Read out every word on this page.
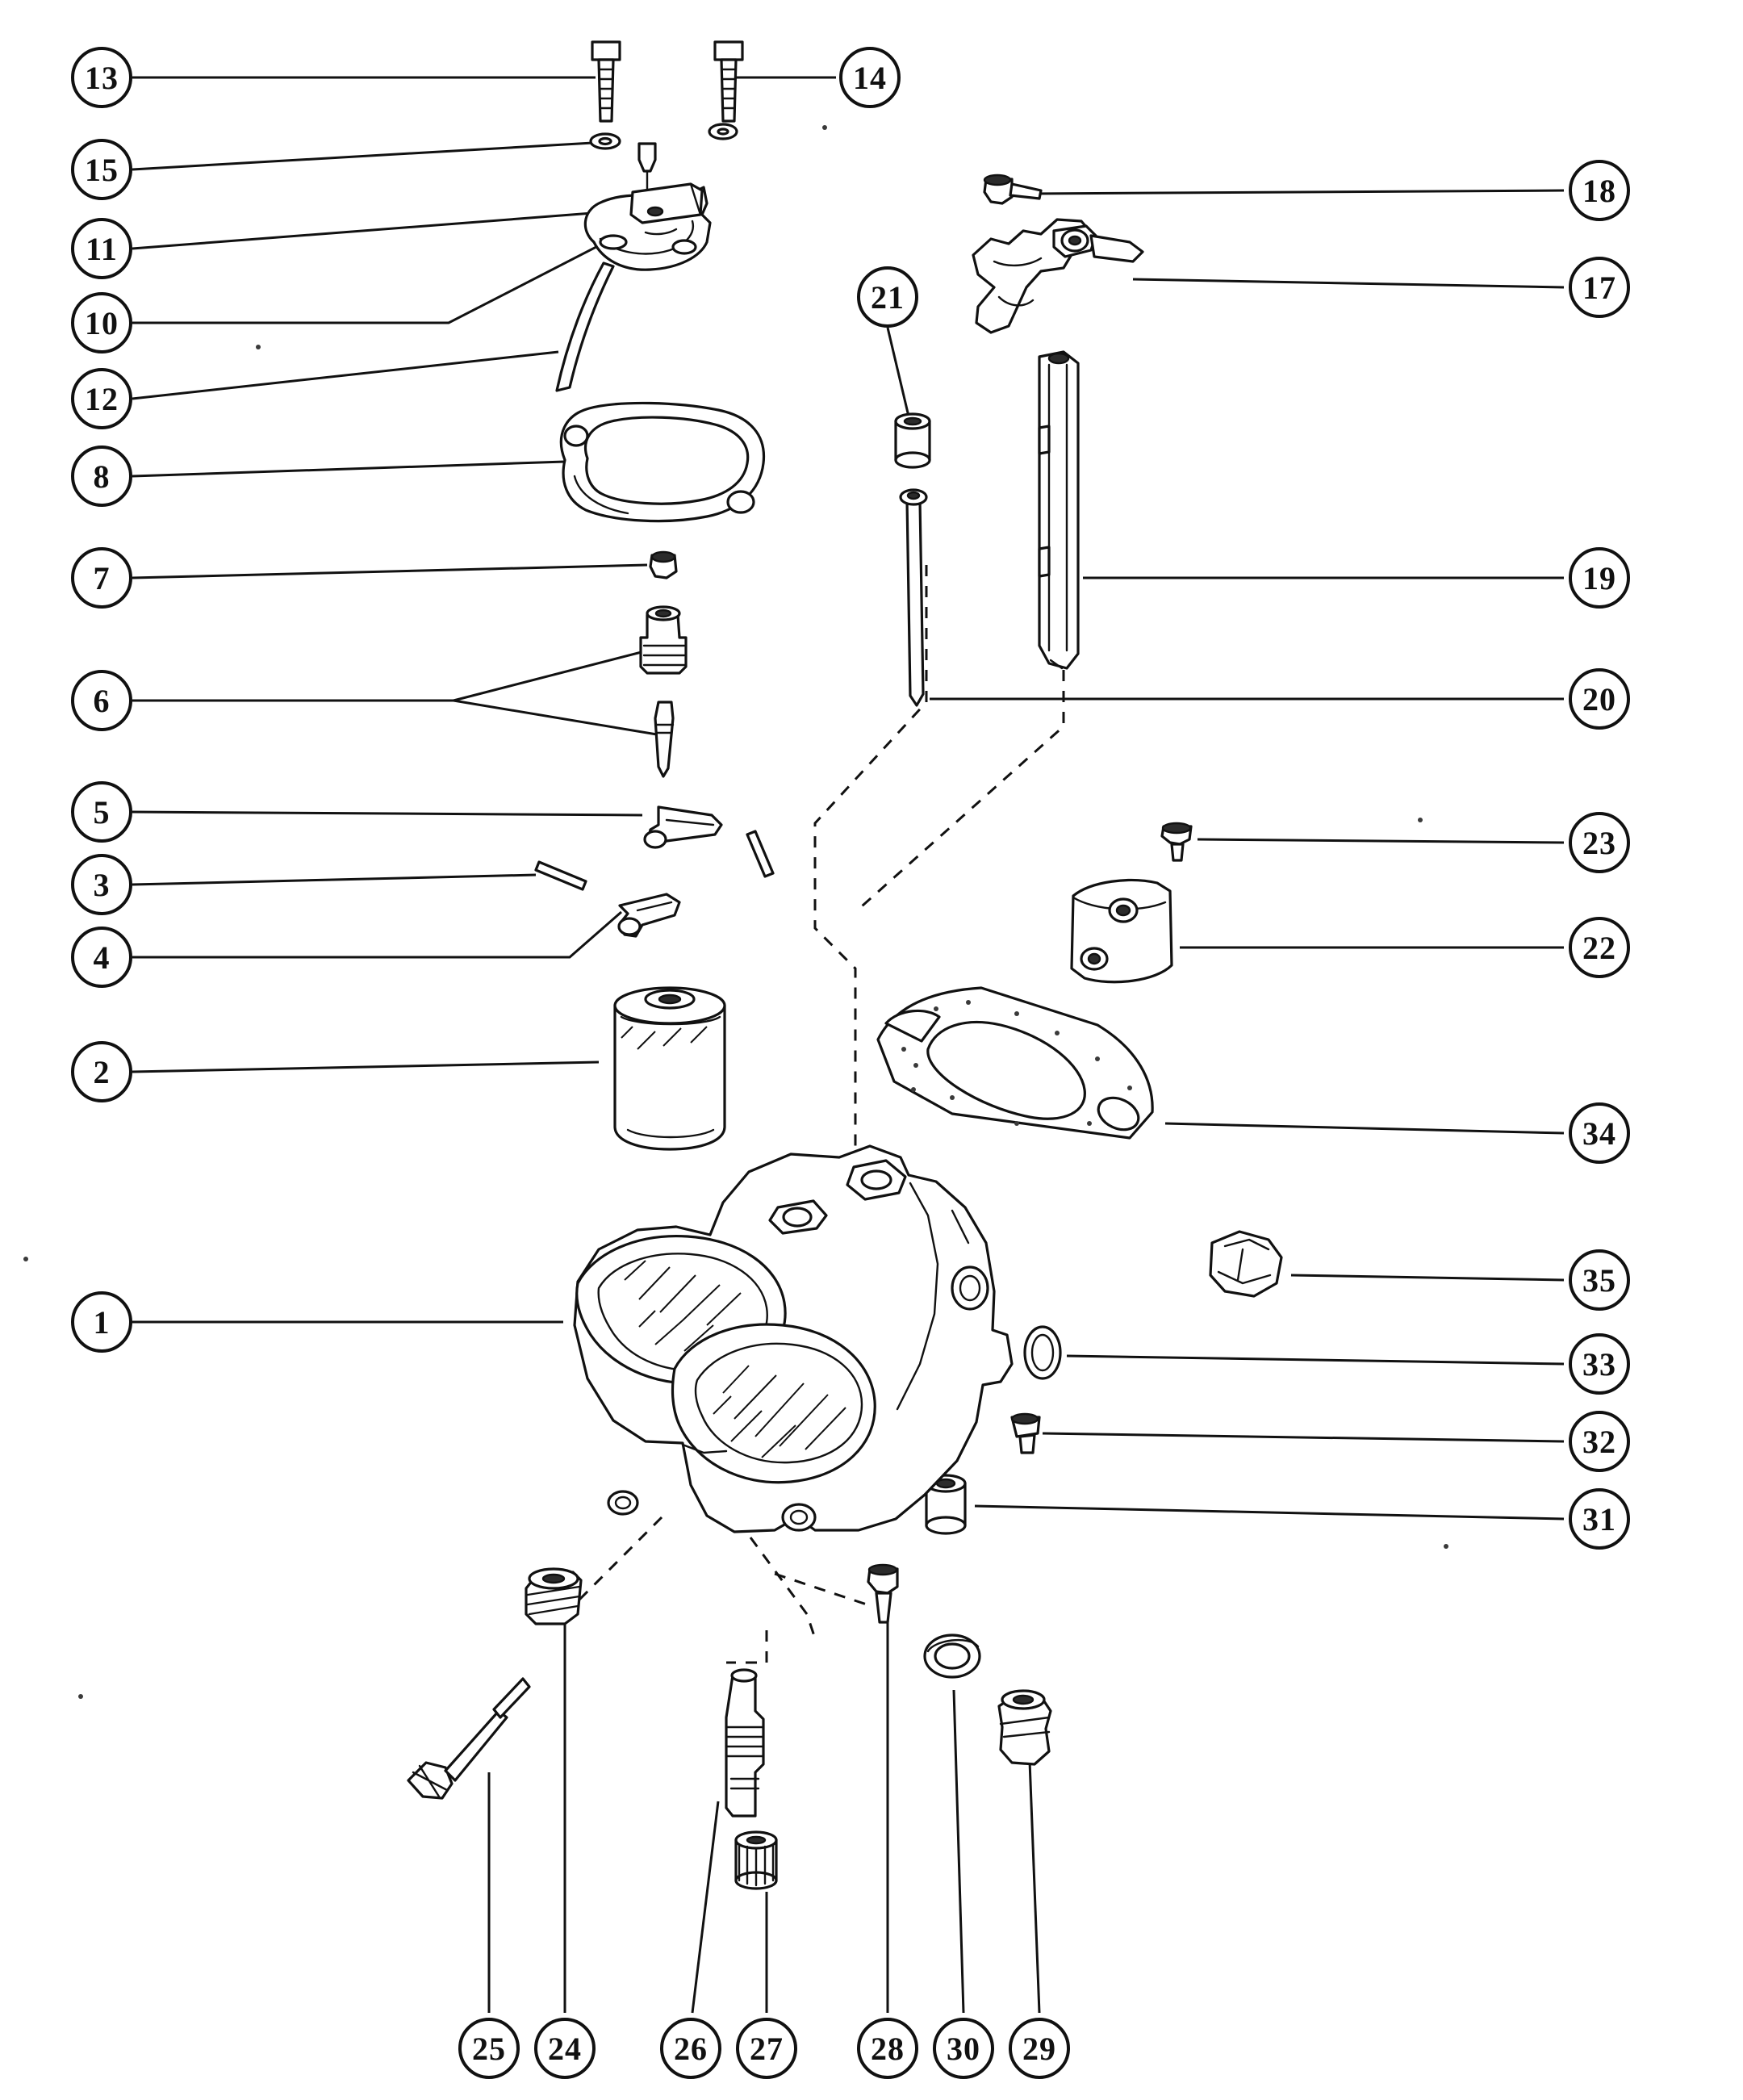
13	14
15
11
10
12
8
7
6
5
3
4
2
1
18
17
21
19
20
23
22
34
35
33
32
31
25	24	26	27	28	30	29
